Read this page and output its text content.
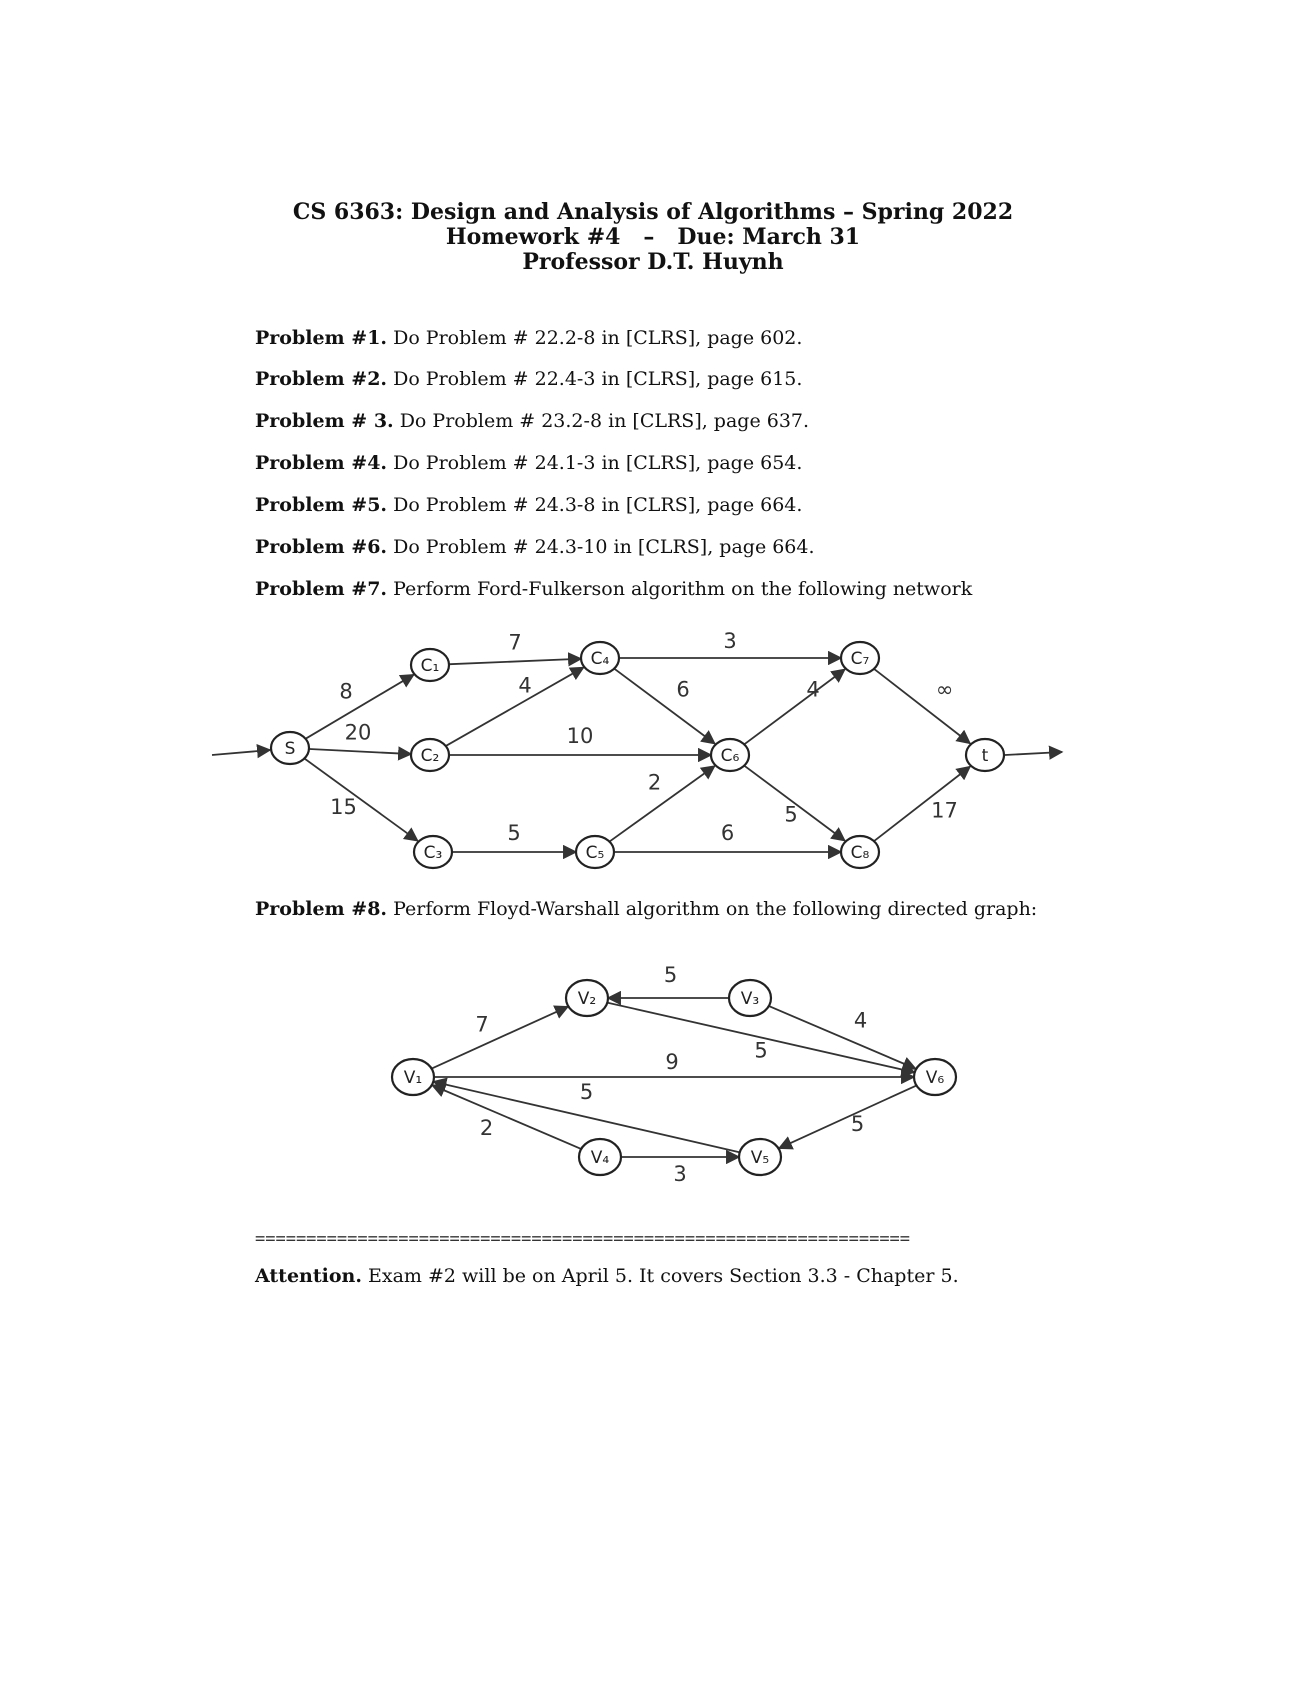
CS 6363: Design and Analysis of Algorithms – Spring 2022
Homework #4   –   Due: March 31
Professor D.T. Huynh
Problem #1. Do Problem # 22.2-8 in [CLRS], page 602.
Problem #2. Do Problem # 22.4-3 in [CLRS], page 615.
Problem # 3. Do Problem # 23.2-8 in [CLRS], page 637.
Problem #4. Do Problem # 24.1-3 in [CLRS], page 654.
Problem #5. Do Problem # 24.3-8 in [CLRS], page 664.
Problem #6. Do Problem # 24.3-10 in [CLRS], page 664.
Problem #7. Perform Ford-Fulkerson algorithm on the following network
8
20
15
7
4
10
5
3
6
2
6
4
5
∞
17
S
C₁
C₂
C₃
C₄
C₅
C₆
C₇
C₈
t
Problem #8. Perform Floyd-Warshall algorithm on the following directed graph:
7
5
4
5
9
5
2
3
5
V₁
V₂	V₃
V₄	V₅
V₆
================================================================
Attention. Exam #2 will be on April 5. It covers Section 3.3 - Chapter 5.
